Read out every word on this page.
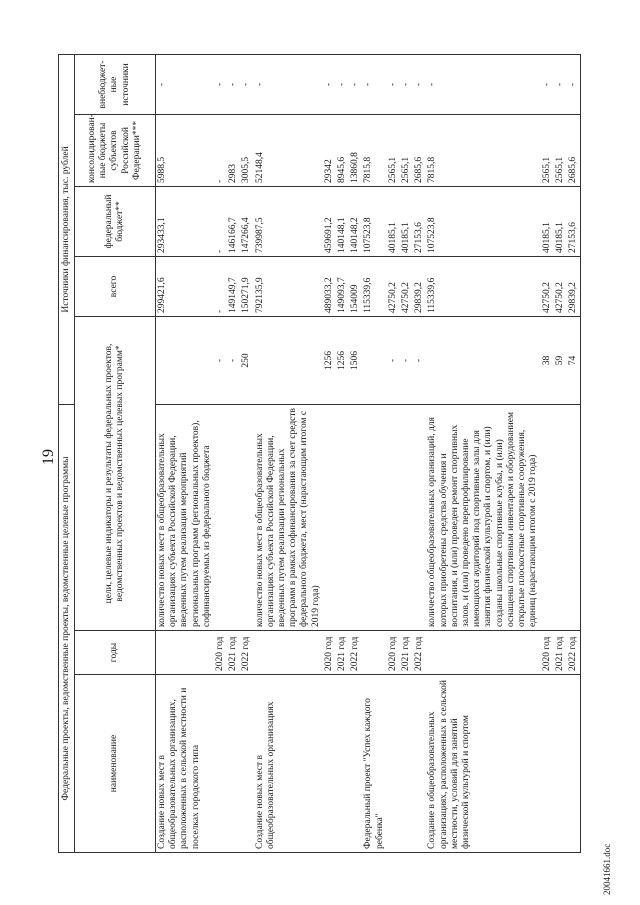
19 Федеральные проекты, ведомственные проекты, ведомственные целевые программы			Источники финансирования, тыс. рублей				
наименование	годы	цели, целевые индикаторы и результаты федеральных проектов, ведомственных проектов и ведомственных целевых программ*		всего	федеральный бюджет**	консолидирован-ные бюджеты субъектов Российской Федерации***	внебюджет-ные источники
Создание новых мест в общеобразовательных организациях, расположенных в сельской местности и поселках городского типа		количество новых мест в общеобразовательных организациях субъекта Российской Федерации, введенных путем реализации мероприятий региональных программ (региональных проектов), софинансируемых из федерального бюджета		299421,6	293433,1	5988,5	-
	2020 год		-	-	-	-	-
	2021 год		-	149149,7	146166,7	2983	-
	2022 год		250	150271,9	147266,4	3005,5	-
Создание новых мест в общеобразовательных организациях		количество новых мест в общеобразовательных организациях субъекта Российской Федерации, введенных путем реализации региональных программ в рамках софинансирования за счет средств федерального бюджета, мест (нарастающим итогом с 2019 года)		792135,9	739987,5	52148,4	-
	2020 год		1256	489033,2	459691,2	29342	-
	2021 год		1256	149093,7	140148,1	8945,6	-
	2022 год		1506	154009	140148,2	13860,8	-
Федеральный проект "Успех каждого ребенка"				115339,6	107523,8	7815,8	-
	2020 год		-	42750,2	40185,1	2565,1	-
	2021 год		-	42750,2	40185,1	2565,1	-
	2022 год		-	29839,2	27153,6	2685,6	-
Создание в общеобразовательных организациях, расположенных в сельской местности, условий для занятий физической культурой и спортом		количество общеобразовательных организаций, для которых приобретены средства обучения и воспитания, и (или) проведен ремонт спортивных залов, и (или) проведено перепрофилирование имеющихся аудиторий под спортивные залы для занятия физической культурой и спортом, и (или) созданы школьные спортивные клубы, и (или) оснащены спортивным инвентарем и оборудованием открытые плоскостные спортивные сооружения, единиц (нарастающим итогом с 2019 года)		115339,6	107523,8	7815,8	-
	2020 год		38	42750,2	40185,1	2565,1	-
	2021 год		59	42750,2	40185,1	2565,1	-
	2022 год		74	29839,2	27153,6	2685,6	-
20041661.doc
